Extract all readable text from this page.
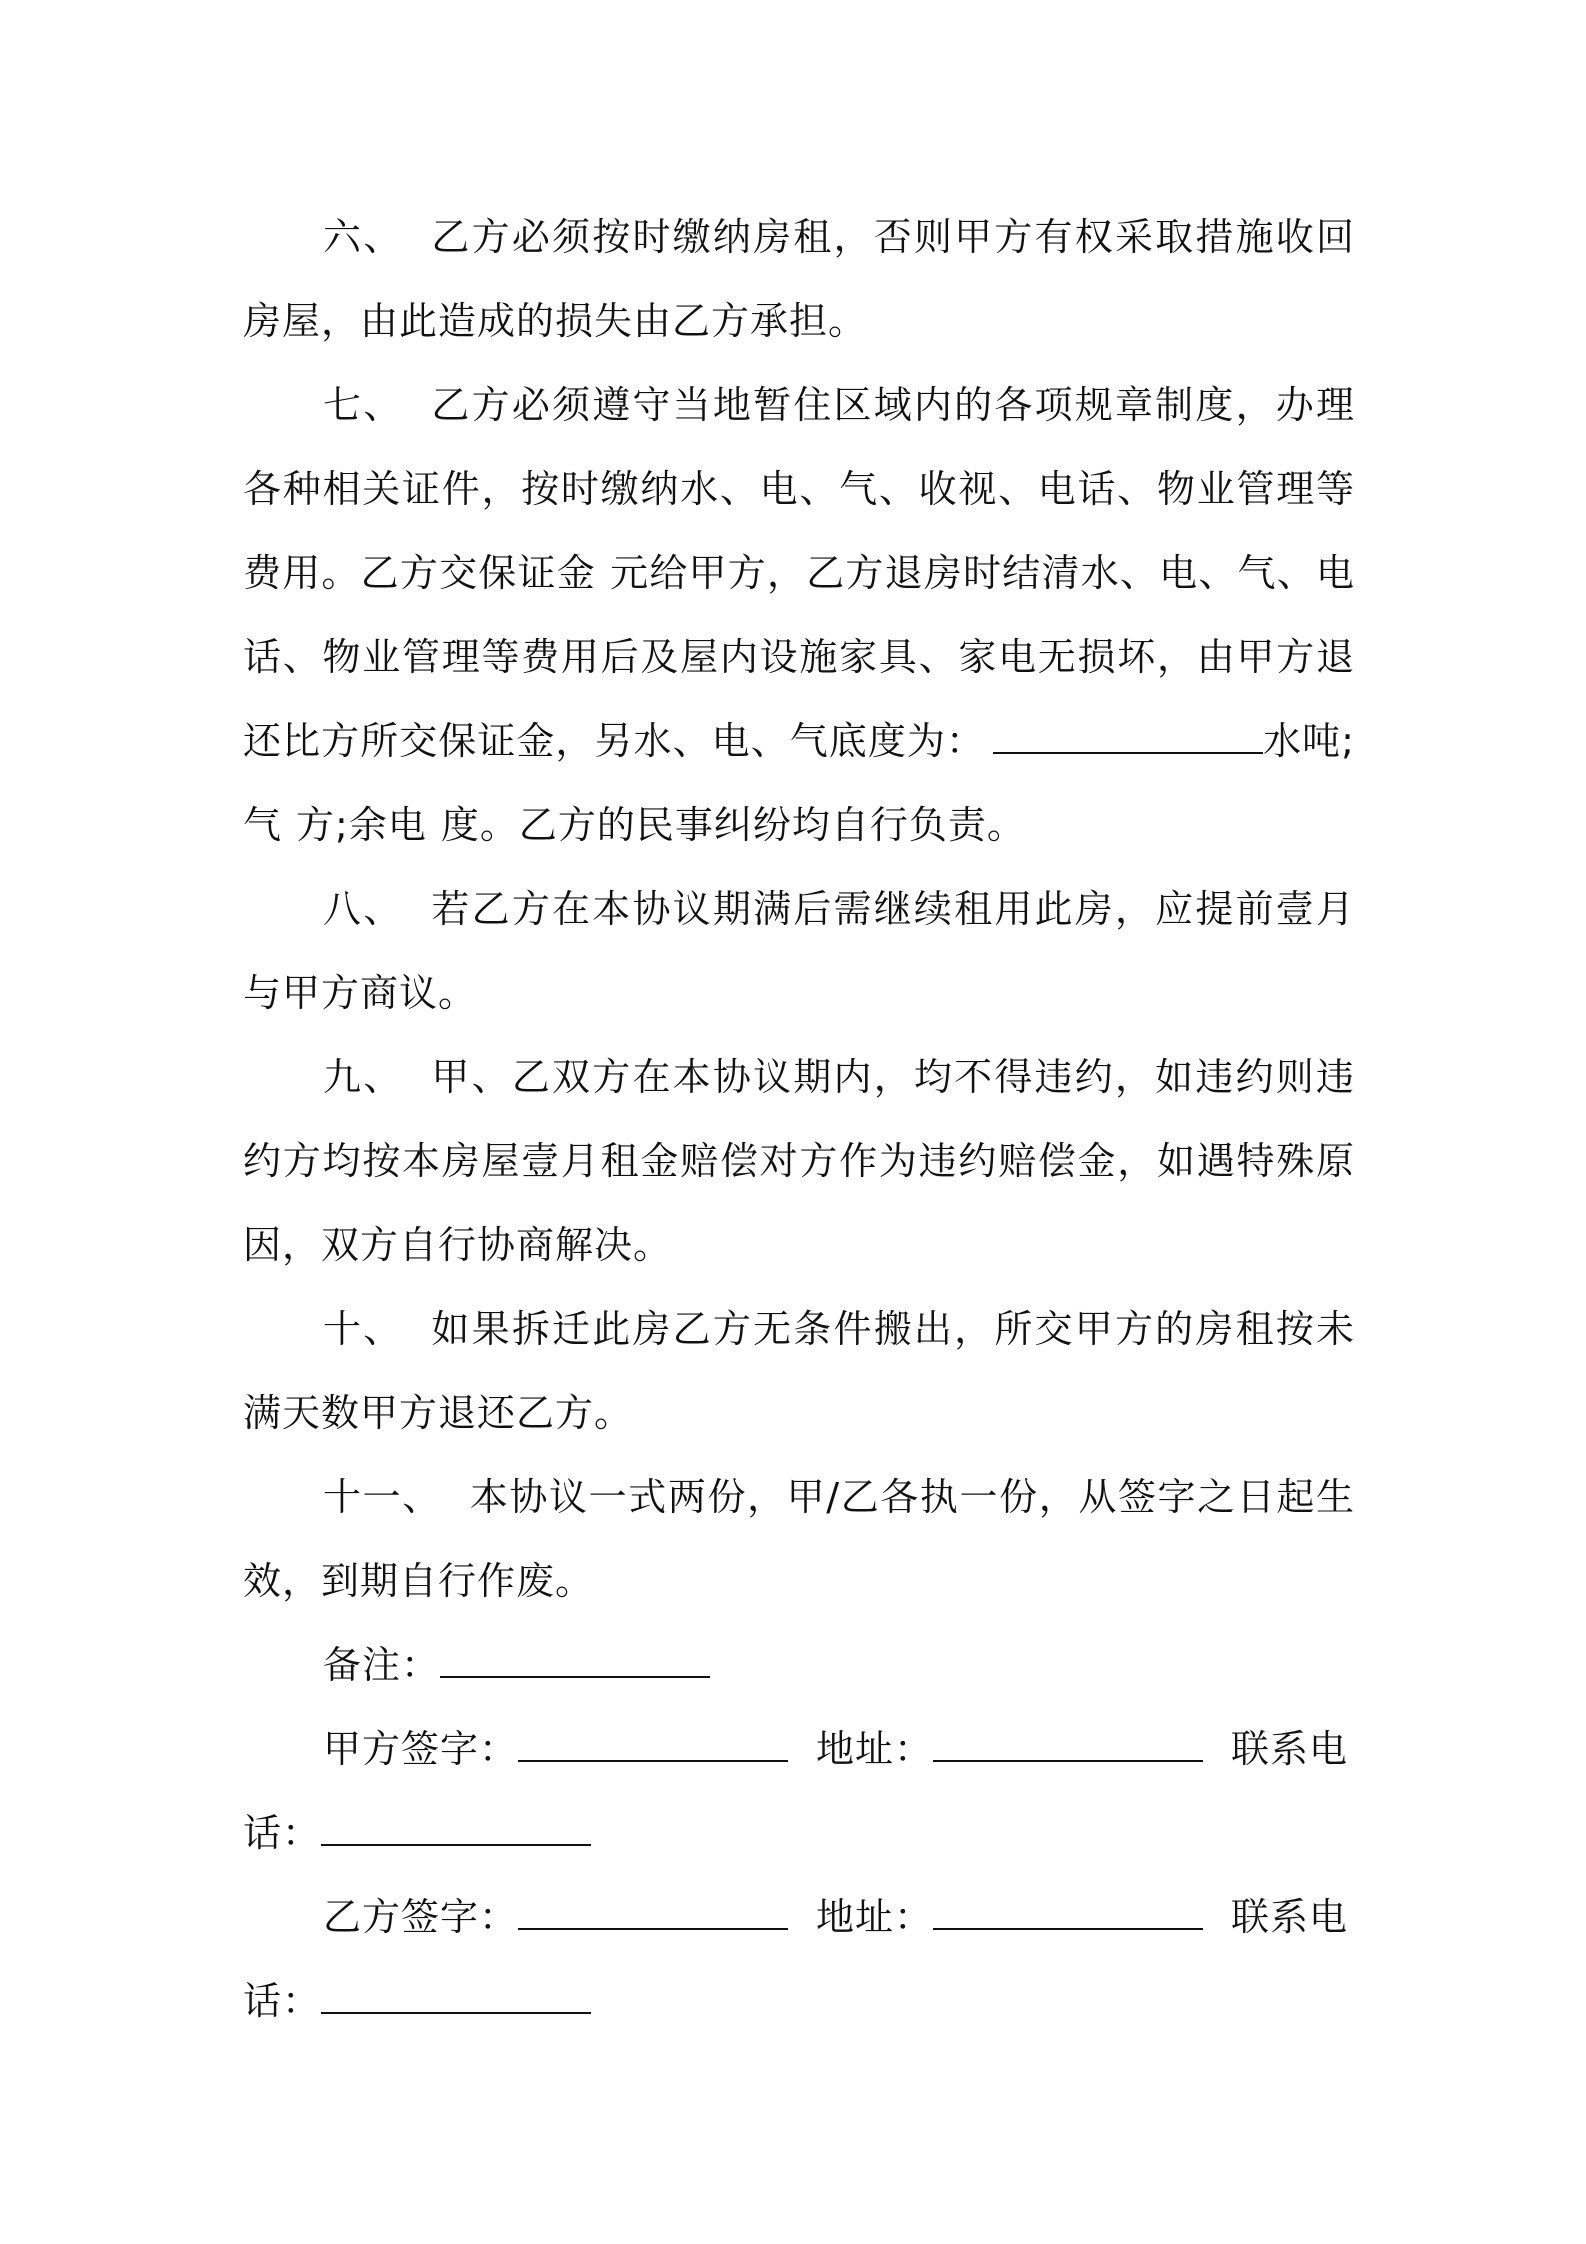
六、 乙方必须按时缴纳房租，否则甲方有权采取措施收回房屋，由此造成的损失由乙方承担。

七、 乙方必须遵守当地暂住区域内的各项规章制度，办理各种相关证件，按时缴纳水、电、气、收视、电话、物业管理等费用。乙方交保证金 元给甲方，乙方退房时结清水、电、气、电话、物业管理等费用后及屋内设施家具、家电无损坏，由甲方退还比方所交保证金，另水、电、气底度为：	水吨;气 方;余电 度。乙方的民事纠纷均自行负责。

八、 若乙方在本协议期满后需继续租用此房，应提前壹月与甲方商议。

九、 甲、乙双方在本协议期内，均不得违约，如违约则违约方均按本房屋壹月租金赔偿对方作为违约赔偿金，如遇特殊原因，双方自行协商解决。

十、 如果拆迁此房乙方无条件搬出，所交甲方的房租按未满天数甲方退还乙方。

十一、 本协议一式两份，甲/乙各执一份，从签字之日起生效，到期自行作废。

备注：

甲方签字：	地址：	联系电

话：

乙方签字：	地址：	联系电

话：
